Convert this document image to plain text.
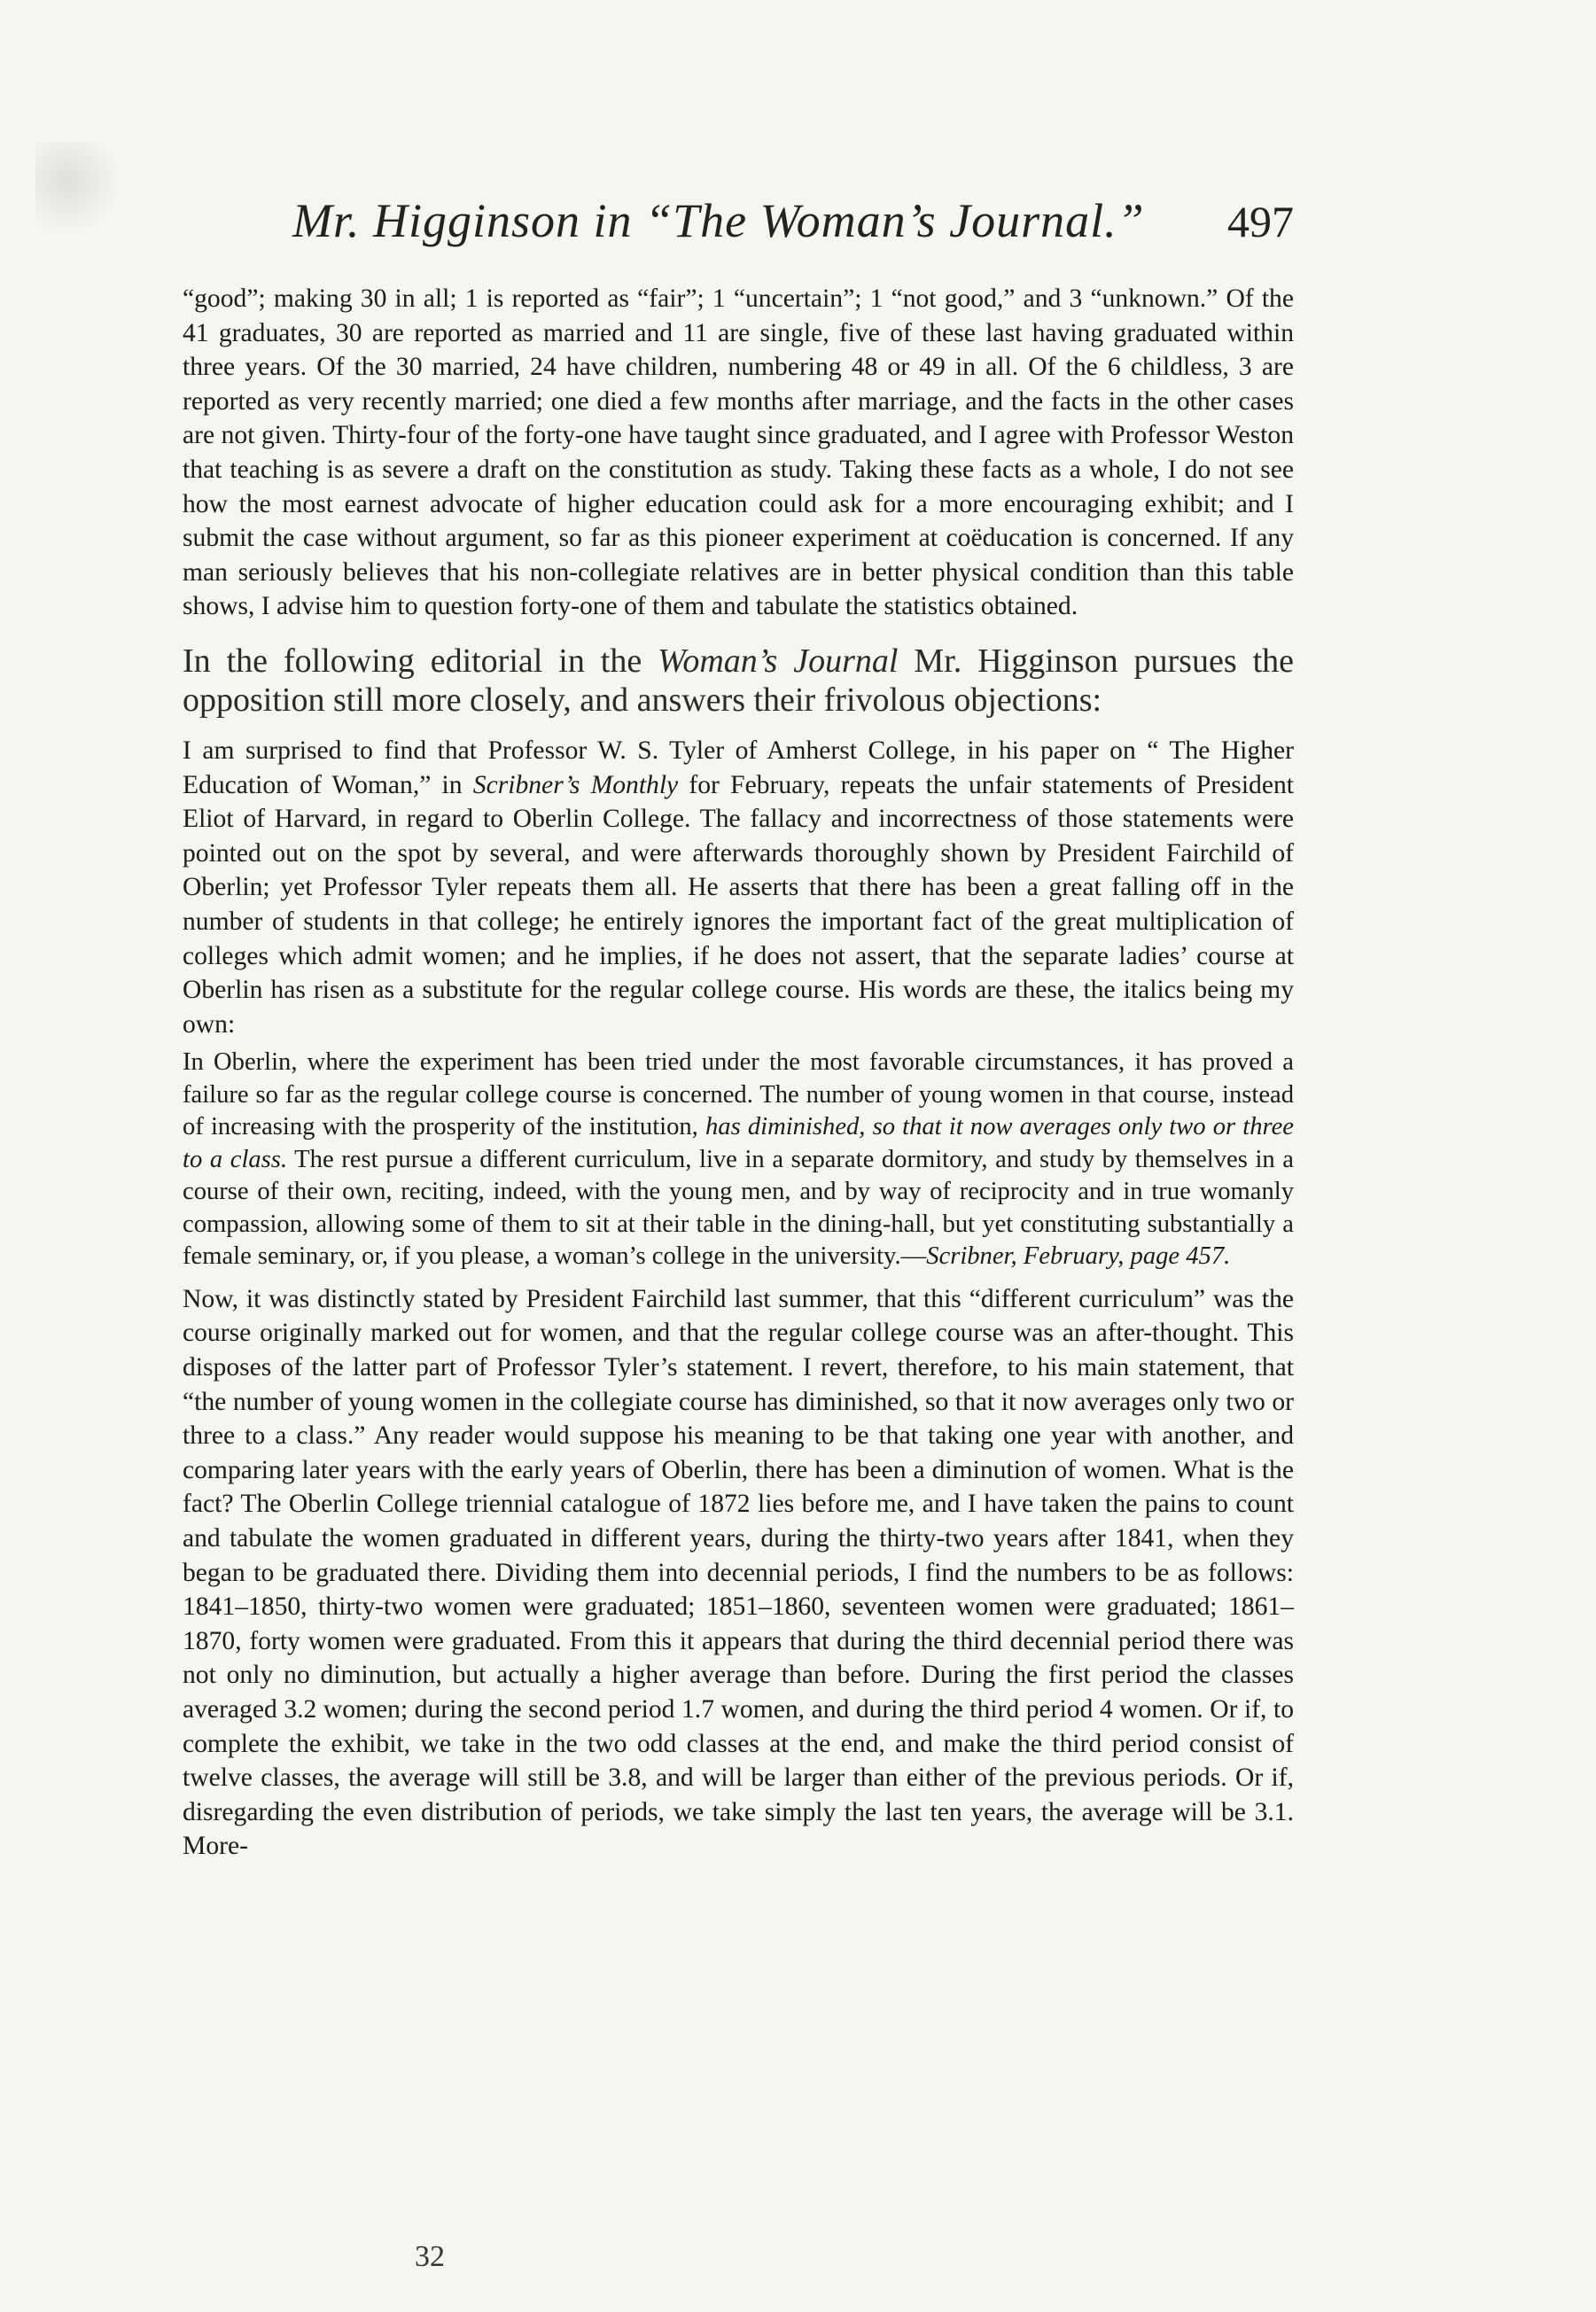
Mr. Higginson in “The Woman’s Journal.” 497

“good”; making 30 in all; 1 is reported as “fair”; 1 “uncertain”; 1 “not good,” and 3 “unknown.” Of the 41 graduates, 30 are reported as married and 11 are single, five of these last having graduated within three years. Of the 30 married, 24 have children, numbering 48 or 49 in all. Of the 6 childless, 3 are reported as very recently married; one died a few months after marriage, and the facts in the other cases are not given. Thirty-four of the forty-one have taught since graduated, and I agree with Professor Weston that teaching is as severe a draft on the constitution as study. Taking these facts as a whole, I do not see how the most earnest advocate of higher education could ask for a more encouraging exhibit; and I submit the case without argument, so far as this pioneer experiment at coëducation is concerned. If any man seriously believes that his non-collegiate relatives are in better physical condition than this table shows, I advise him to question forty-one of them and tabulate the statistics obtained.

In the following editorial in the Woman’s Journal Mr. Higginson pursues the opposition still more closely, and answers their frivolous objections:

I am surprised to find that Professor W. S. Tyler of Amherst College, in his paper on “ The Higher Education of Woman,” in Scribner’s Monthly for February, repeats the unfair statements of President Eliot of Harvard, in regard to Oberlin College. The fallacy and incorrectness of those statements were pointed out on the spot by several, and were afterwards thoroughly shown by President Fairchild of Oberlin; yet Professor Tyler repeats them all. He asserts that there has been a great falling off in the number of students in that college; he entirely ignores the important fact of the great multiplication of colleges which admit women; and he implies, if he does not assert, that the separate ladies’ course at Oberlin has risen as a substitute for the regular college course. His words are these, the italics being my own:

In Oberlin, where the experiment has been tried under the most favorable circumstances, it has proved a failure so far as the regular college course is concerned. The number of young women in that course, instead of increasing with the prosperity of the institution, has diminished, so that it now averages only two or three to a class. The rest pursue a different curriculum, live in a separate dormitory, and study by themselves in a course of their own, reciting, indeed, with the young men, and by way of reciprocity and in true womanly compassion, allowing some of them to sit at their table in the dining-hall, but yet constituting substantially a female seminary, or, if you please, a woman’s college in the university.—Scribner, February, page 457.

Now, it was distinctly stated by President Fairchild last summer, that this “different curriculum” was the course originally marked out for women, and that the regular college course was an after-thought. This disposes of the latter part of Professor Tyler’s statement. I revert, therefore, to his main statement, that “the number of young women in the collegiate course has diminished, so that it now averages only two or three to a class.” Any reader would suppose his meaning to be that taking one year with another, and comparing later years with the early years of Oberlin, there has been a diminution of women. What is the fact? The Oberlin College triennial catalogue of 1872 lies before me, and I have taken the pains to count and tabulate the women graduated in different years, during the thirty-two years after 1841, when they began to be graduated there. Dividing them into decennial periods, I find the numbers to be as follows: 1841–1850, thirty-two women were graduated; 1851–1860, seventeen women were graduated; 1861–1870, forty women were graduated. From this it appears that during the third decennial period there was not only no diminution, but actually a higher average than before. During the first period the classes averaged 3.2 women; during the second period 1.7 women, and during the third period 4 women. Or if, to complete the exhibit, we take in the two odd classes at the end, and make the third period consist of twelve classes, the average will still be 3.8, and will be larger than either of the previous periods. Or if, disregarding the even distribution of periods, we take simply the last ten years, the average will be 3.1. More-

32
